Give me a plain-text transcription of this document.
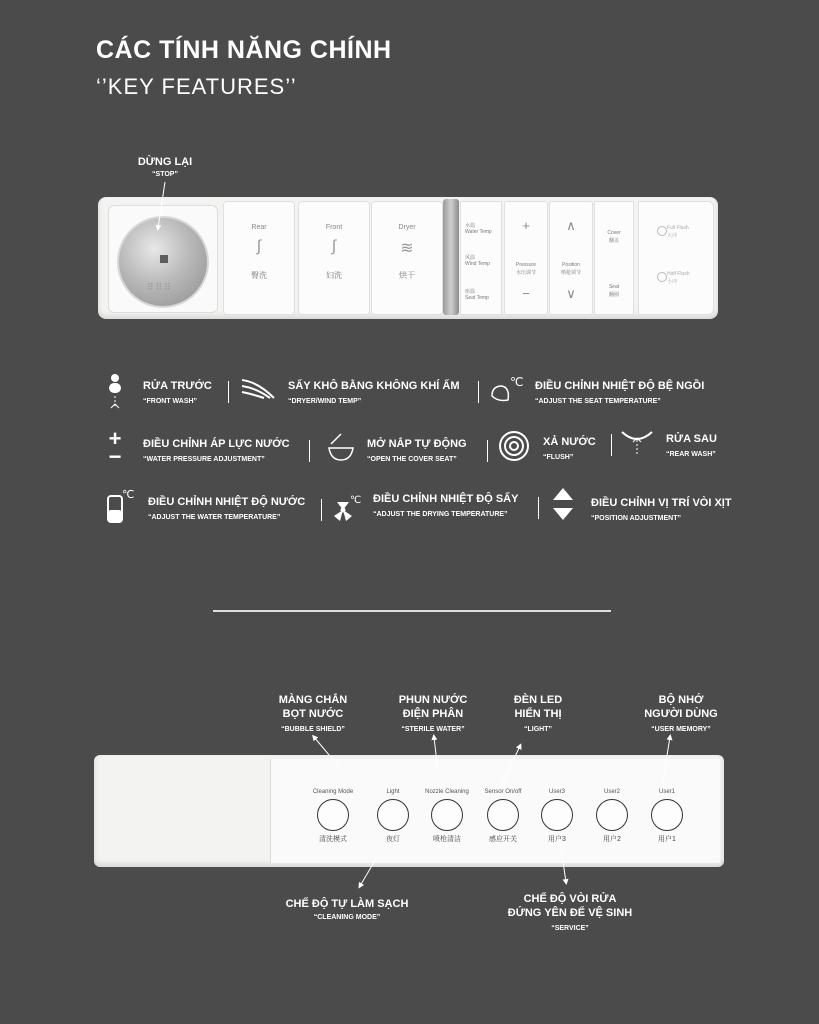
CÁC TÍNH NĂNG CHÍNH
‘’KEY FEATURES’’
DỪNG LẠI
“STOP”
⠿⠿⠿
Rear
∫
臀洗
Front
∫
妇洗
Dryer
≋
烘干
水温
Water Temp
风温
Wind Temp
座温
Seat Temp
+
Pressure
水压调节
−
∧
Position
喷枪调节
∨
Cover
翻盖
Seat
翻圈
Full Flush
大冲
Half Flush
小冲
RỬA TRƯỚC
“FRONT WASH”
SẤY KHÔ BẰNG KHÔNG KHÍ ẤM
“DRYER/WIND TEMP”
℃ ĐIỀU CHỈNH NHIỆT ĐỘ BỆ NGỒI
“ADJUST THE SEAT TEMPERATURE”
+
−	ĐIỀU CHỈNH ÁP LỰC NƯỚC
“WATER PRESSURE ADJUSTMENT”
MỞ NẮP TỰ ĐỘNG
“OPEN THE COVER SEAT”
XẢ NƯỚC
“FLUSH”
RỬA SAU
“REAR WASH”
℃
ĐIỀU CHỈNH NHIỆT ĐỘ NƯỚC
“ADJUST THE WATER TEMPERATURE”
℃ ĐIỀU CHỈNH NHIỆT ĐỘ SẤY
“ADJUST THE DRYING TEMPERATURE”
ĐIỀU CHỈNH VỊ TRÍ VÒI XỊT
“POSITION ADJUSTMENT”
MÀNG CHẮN
BỌT NƯỚC
“BUBBLE SHIELD”
PHUN NƯỚC
ĐIỆN PHÂN
“STERILE WATER”
ĐÈN LED
HIỂN THỊ
“LIGHT”
BỘ NHỚ
NGƯỜI DÙNG
“USER MEMORY”
Cleaning Mode
清洗模式
Light
夜灯
Nozzle Cleaning
喷枪清洁
Sensor On/off
感应开关
User3
用户3
User2
用户2
User1
用户1
CHẾ ĐỘ TỰ LÀM SẠCH
“CLEANING MODE”
CHẾ ĐỘ VÒI RỬA
ĐỨNG YÊN ĐỂ VỆ SINH
“SERVICE”
